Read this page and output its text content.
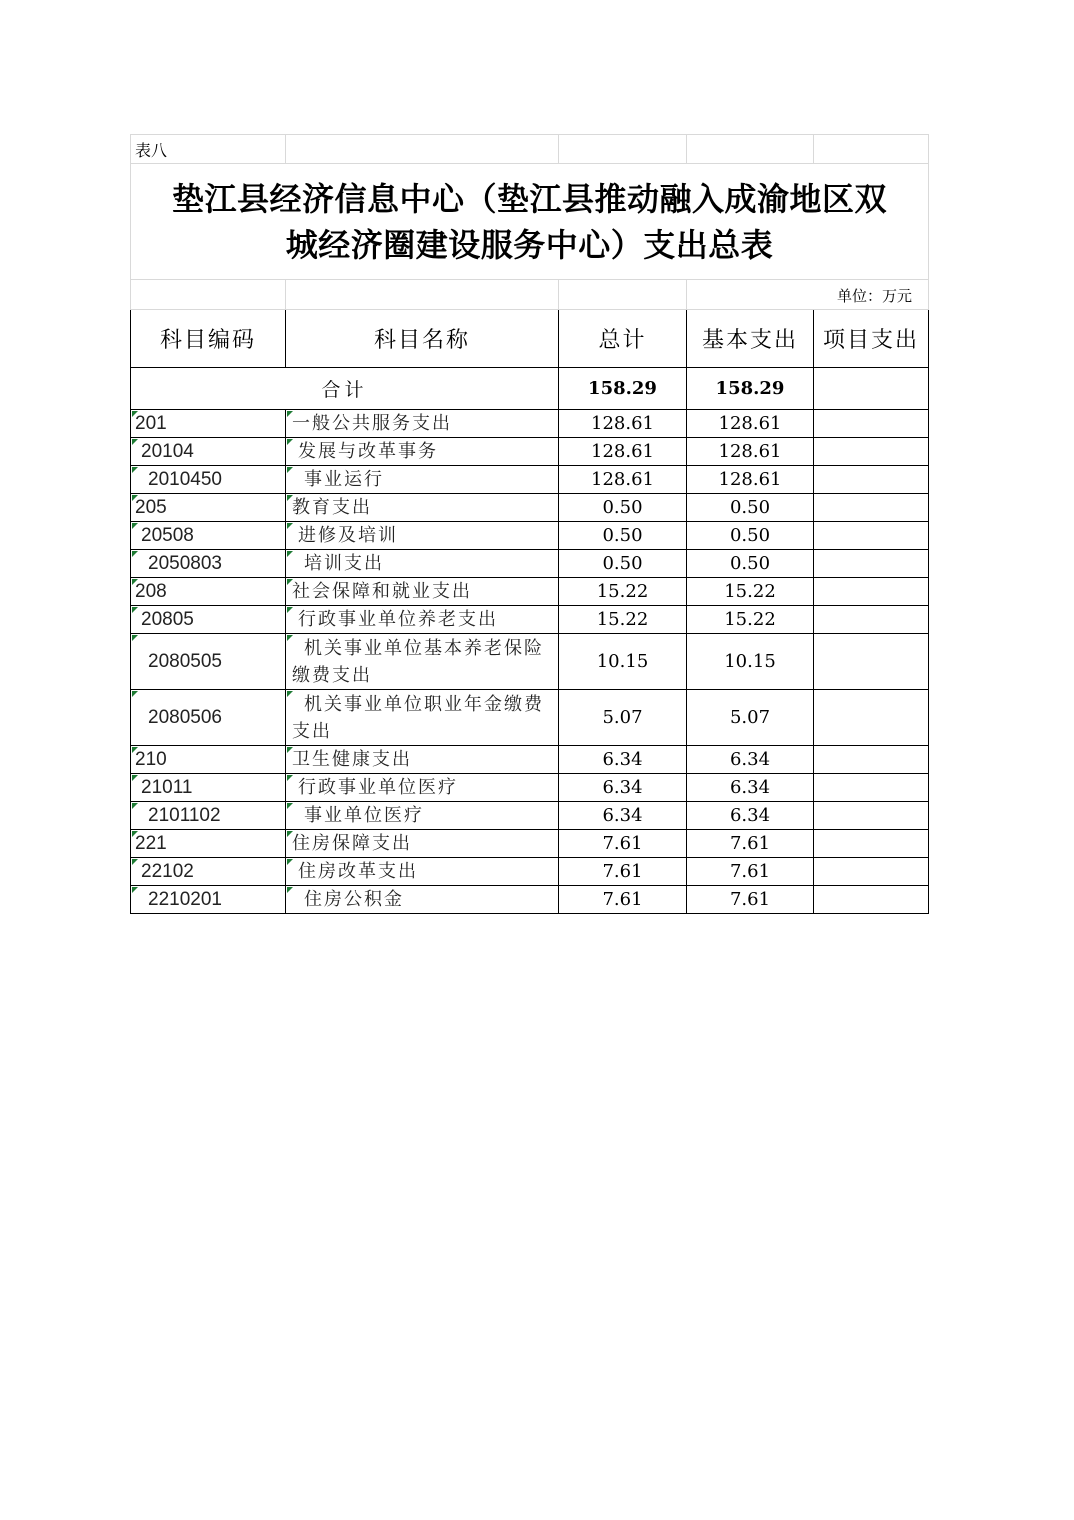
表八				

垫江县经济信息中心（垫江县推动融入成渝地区双
城经济圈建设服务中心）支出总表				

			单位：万元	
科目编码	科目名称	总计	基本支出	项目支出
合计		158.29	158.29	

201	一般公共服务支出	128.61	128.61	

20104	发展与改革事务	128.61	128.61	

2010450	事业运行	128.61	128.61	

205	教育支出	0.50	0.50	

20508	进修及培训	0.50	0.50	

2050803	培训支出	0.50	0.50	

208	社会保障和就业支出	15.22	15.22	

20805	行政事业单位养老支出	15.22	15.22	

2080505	机关事业单位基本养老保险缴费支出	10.15	10.15	

2080506	机关事业单位职业年金缴费支出	5.07	5.07	

210	卫生健康支出	6.34	6.34	

21011	行政事业单位医疗	6.34	6.34	

2101102	事业单位医疗	6.34	6.34	

221	住房保障支出	7.61	7.61	

22102	住房改革支出	7.61	7.61	

2210201	住房公积金	7.61	7.61	
